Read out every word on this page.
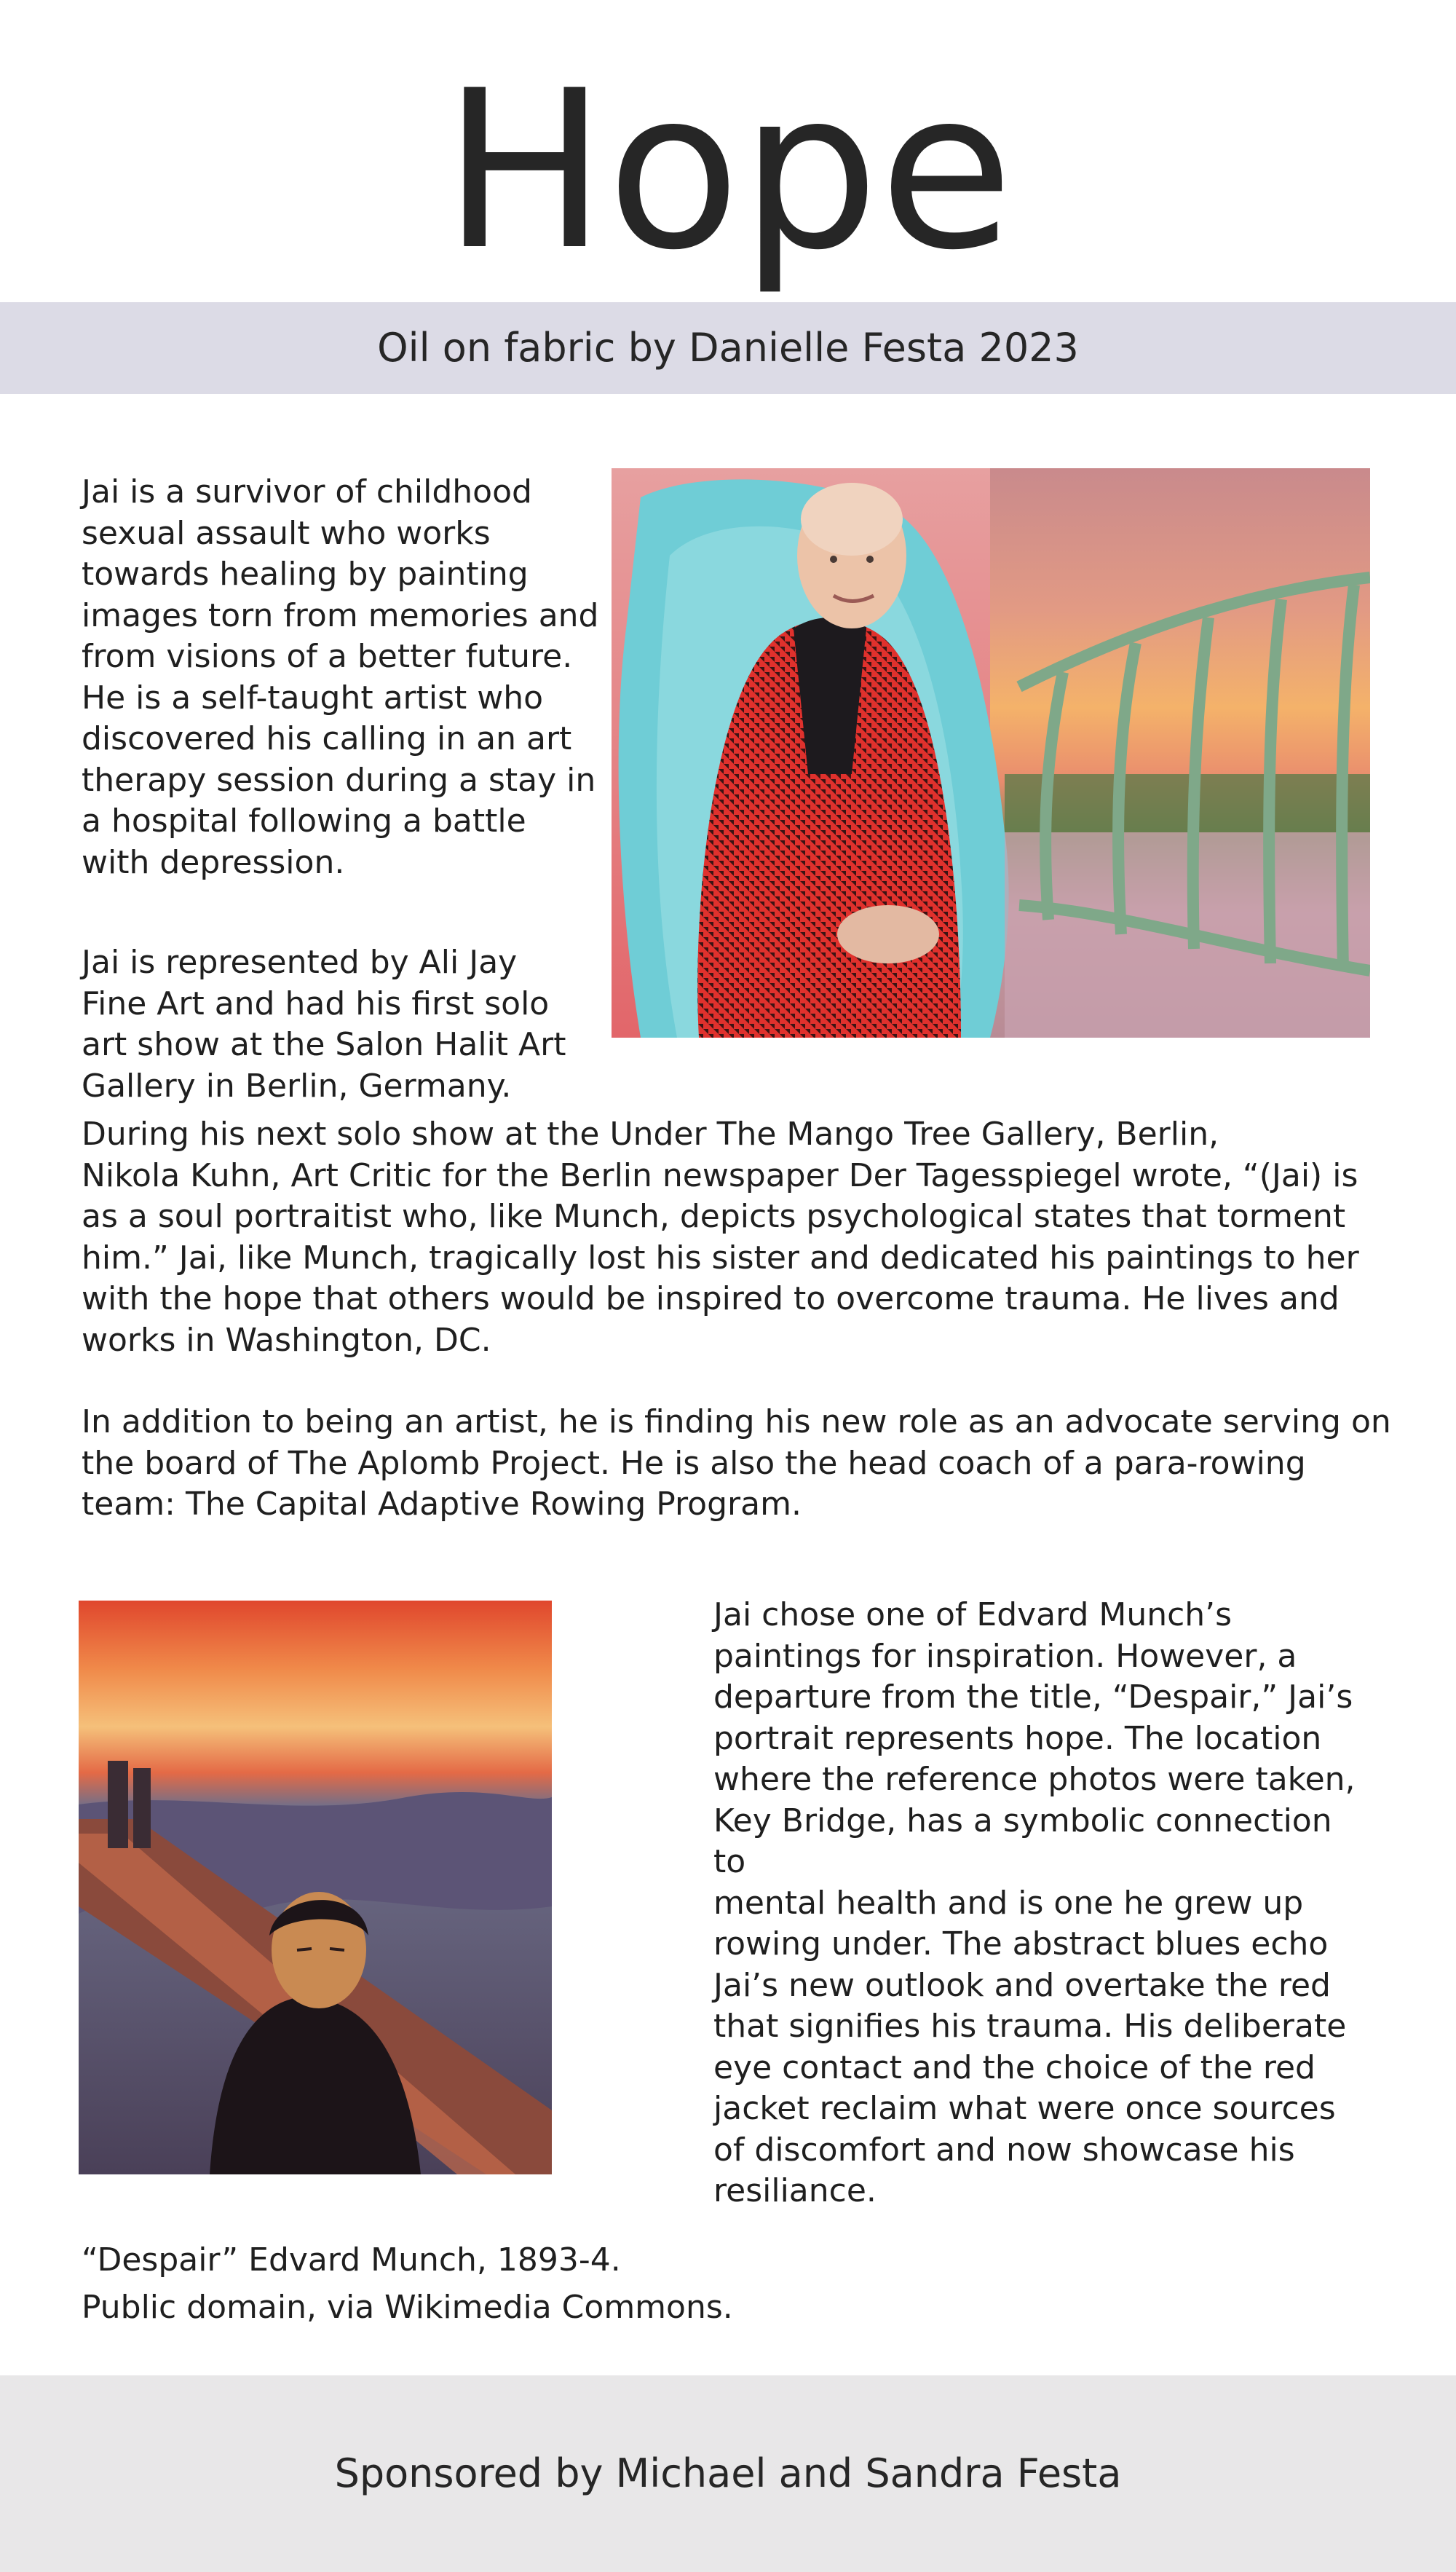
Hope
Oil on fabric by Danielle Festa 2023

Jai is a survivor of childhood
sexual assault who works
towards healing by painting
images torn from memories and
from visions of a better future.
He is a self-taught artist who
discovered his calling in an art
therapy session during a stay in
a hospital following a battle
with depression.

Jai is represented by Ali Jay
Fine Art and had his first solo
art show at the Salon Halit Art
Gallery in Berlin, Germany.

During his next solo show at the Under The Mango Tree Gallery, Berlin,
Nikola Kuhn, Art Critic for the Berlin newspaper Der Tagesspiegel wrote, “(Jai) is
as a soul portraitist who, like Munch, depicts psychological states that torment
him.” Jai, like Munch, tragically lost his sister and dedicated his paintings to her
with the hope that others would be inspired to overcome trauma. He lives and
works in Washington, DC.

In addition to being an artist, he is finding his new role as an advocate serving on
the board of The Aplomb Project. He is also the head coach of a para-rowing
team: The Capital Adaptive Rowing Program.

Jai chose one of Edvard Munch’s
paintings for inspiration. However, a
departure from the title, “Despair,” Jai’s
portrait represents hope. The location
where the reference photos were taken,
Key Bridge, has a symbolic connection to
mental health and is one he grew up
rowing under. The abstract blues echo
Jai’s new outlook and overtake the red
that signifies his trauma. His deliberate
eye contact and the choice of the red
jacket reclaim what were once sources
of discomfort and now showcase his
resiliance.

“Despair” Edvard Munch, 1893-4.
Public domain, via Wikimedia Commons.

Sponsored by Michael and Sandra Festa
